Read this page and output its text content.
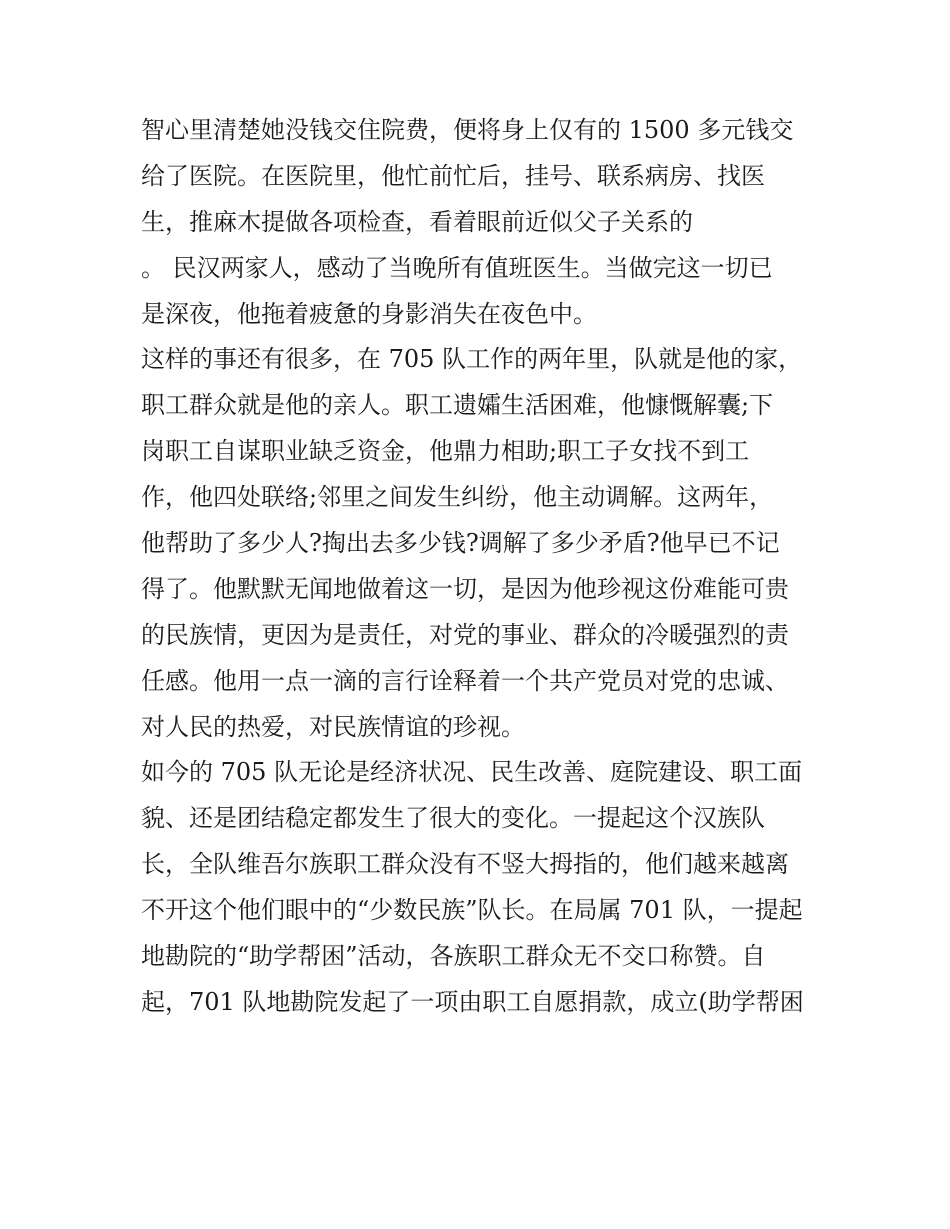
智心里清楚她没钱交住院费，便将身上仅有的 1500 多元钱交
给了医院。在医院里，他忙前忙后，挂号、联系病房、找医
生，推麻木提做各项检查，看着眼前近似父子关系的
。 民汉两家人，感动了当晚所有值班医生。当做完这一切已
是深夜，他拖着疲惫的身影消失在夜色中。
这样的事还有很多，在 705 队工作的两年里，队就是他的家，
职工群众就是他的亲人。职工遗孀生活困难，他慷慨解囊;下
岗职工自谋职业缺乏资金，他鼎力相助;职工子女找不到工
作，他四处联络;邻里之间发生纠纷，他主动调解。这两年，
他帮助了多少人?掏出去多少钱?调解了多少矛盾?他早已不记
得了。他默默无闻地做着这一切，是因为他珍视这份难能可贵
的民族情，更因为是责任，对党的事业、群众的冷暖强烈的责
任感。他用一点一滴的言行诠释着一个共产党员对党的忠诚、
对人民的热爱，对民族情谊的珍视。
如今的 705 队无论是经济状况、民生改善、庭院建设、职工面
貌、还是团结稳定都发生了很大的变化。一提起这个汉族队
长，全队维吾尔族职工群众没有不竖大拇指的，他们越来越离
不开这个他们眼中的“少数民族”队长。在局属 701 队，一提起
地勘院的“助学帮困”活动，各族职工群众无不交口称赞。自
起，701 队地勘院发起了一项由职工自愿捐款，成立(助学帮困
